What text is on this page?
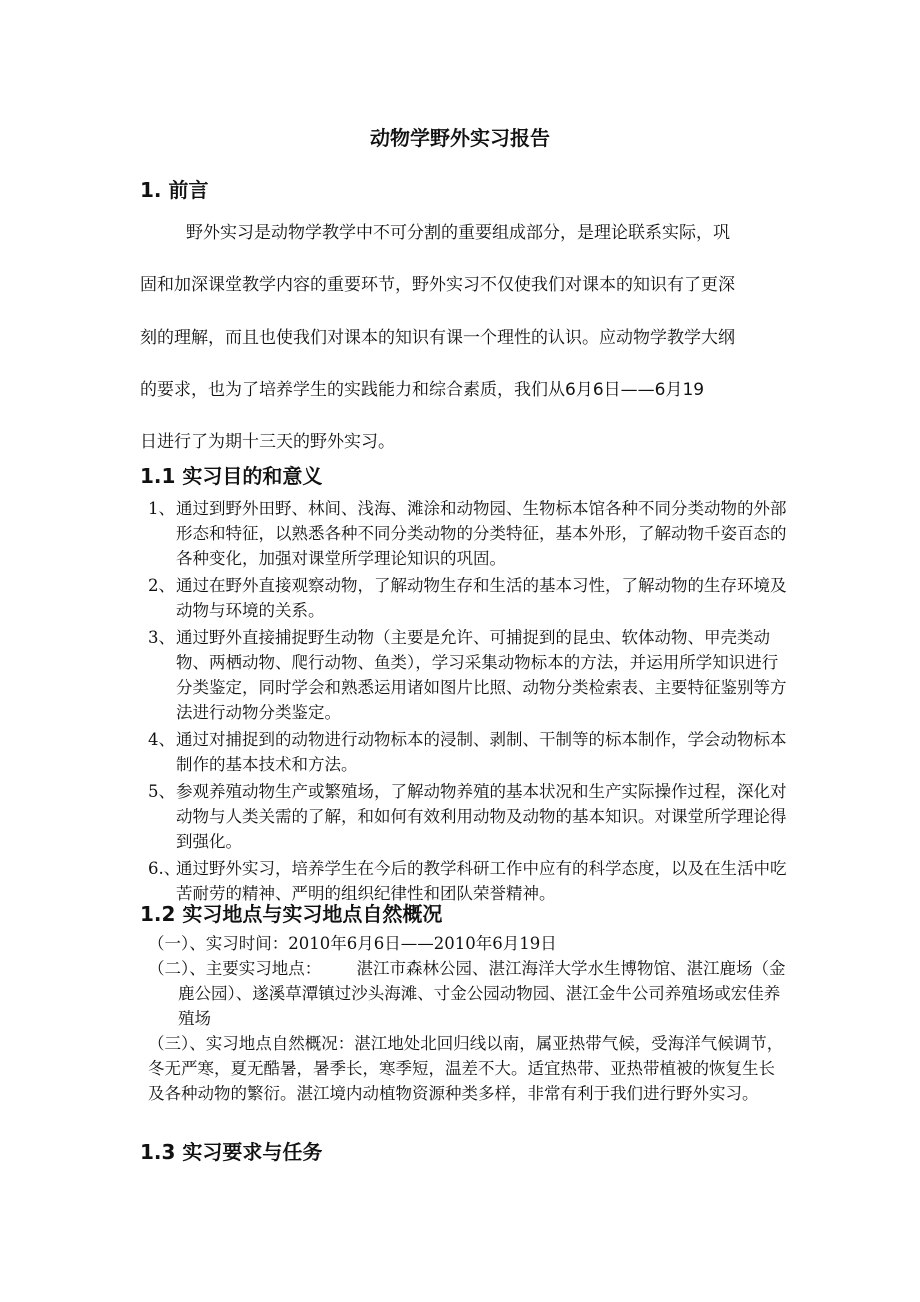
动物学野外实习报告
1. 前言
野外实习是动物学教学中不可分割的重要组成部分，是理论联系实际，巩
固和加深课堂教学内容的重要环节，野外实习不仅使我们对课本的知识有了更深
刻的理解，而且也使我们对课本的知识有课一个理性的认识。应动物学教学大纲
的要求，也为了培养学生的实践能力和综合素质，我们从6月6日——6月19
日进行了为期十三天的野外实习。
1.1 实习目的和意义
1、 通过到野外田野、林间、浅海、滩涂和动物园、生物标本馆各种不同分类动物的外部形态和特征，以熟悉各种不同分类动物的分类特征，基本外形，了解动物千姿百态的各种变化，加强对课堂所学理论知识的巩固。
2、 通过在野外直接观察动物，了解动物生存和生活的基本习性，了解动物的生存环境及动物与环境的关系。
3、 通过野外直接捕捉野生动物（主要是允许、可捕捉到的昆虫、软体动物、甲壳类动物、两栖动物、爬行动物、鱼类），学习采集动物标本的方法，并运用所学知识进行分类鉴定，同时学会和熟悉运用诸如图片比照、动物分类检索表、主要特征鉴别等方法进行动物分类鉴定。
4、 通过对捕捉到的动物进行动物标本的浸制、剥制、干制等的标本制作，学会动物标本制作的基本技术和方法。
5、 参观养殖动物生产或繁殖场，了解动物养殖的基本状况和生产实际操作过程，深化对动物与人类关需的了解，和如何有效利用动物及动物的基本知识。对课堂所学理论得到强化。
6.、
通过野外实习，培养学生在今后的教学科研工作中应有的科学态度，以及在生活中吃苦耐劳的精神、严明的组织纪律性和团队荣誉精神。
1.2 实习地点与实习地点自然概况
（一）、实习时间：2010年6月6日——2010年6月19日
（二）、主要实习地点： 湛江市森林公园、湛江海洋大学水生博物馆、湛江鹿场（金鹿公园）、遂溪草潭镇过沙头海滩、寸金公园动物园、湛江金牛公司养殖场或宏佳养殖场
（三）、实习地点自然概况：湛江地处北回归线以南，属亚热带气候，受海洋气候调节，冬无严寒，夏无酷暑，暑季长，寒季短，温差不大。适宜热带、亚热带植被的恢复生长及各种动物的繁衍。湛江境内动植物资源种类多样，非常有利于我们进行野外实习。
1.3 实习要求与任务
